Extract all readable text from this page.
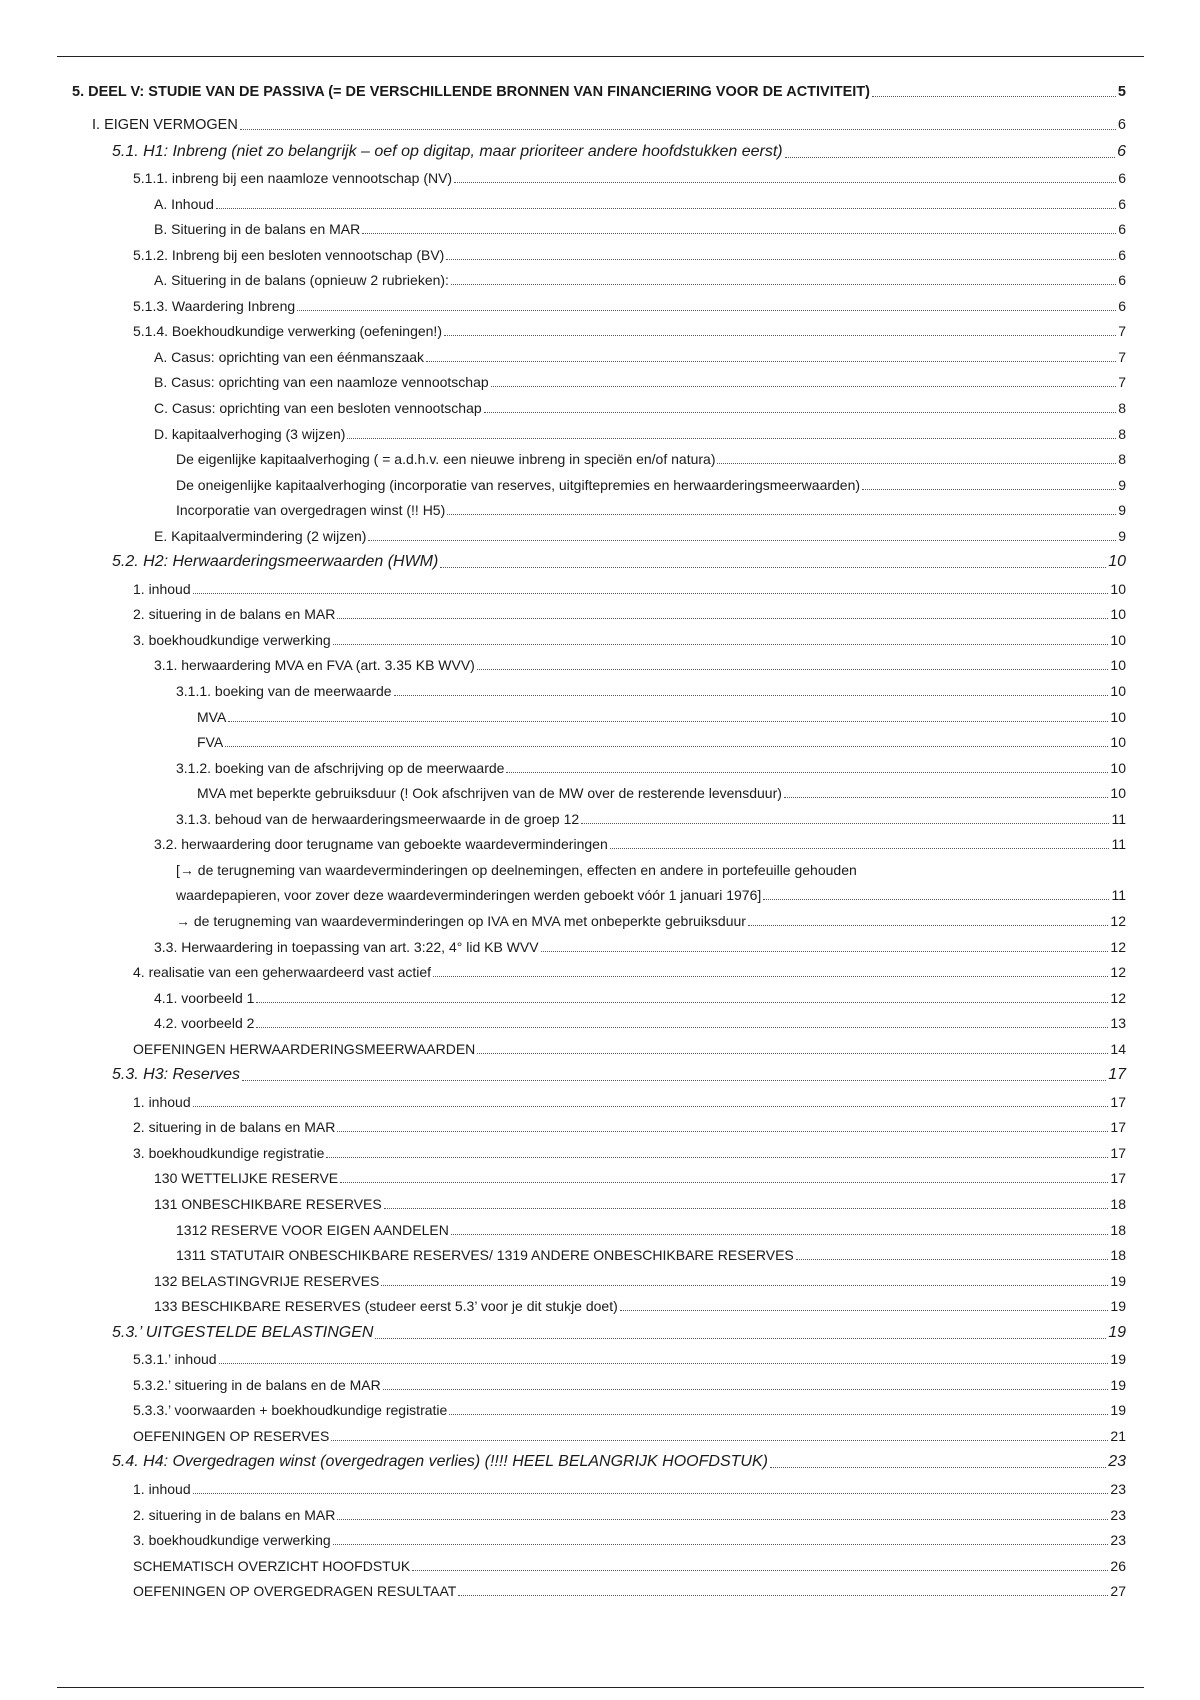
5. DEEL V: STUDIE VAN DE PASSIVA (= DE VERSCHILLENDE BRONNEN VAN FINANCIERING VOOR DE ACTIVITEIT)	5
I. EIGEN VERMOGEN	6
5.1. H1: Inbreng (niet zo belangrijk – oef op digitap, maar prioriteer andere hoofdstukken eerst)	6
5.1.1. inbreng bij een naamloze vennootschap (NV)	6
A. Inhoud	6
B. Situering in de balans en MAR	6
5.1.2. Inbreng bij een besloten vennootschap (BV)	6
A. Situering in de balans (opnieuw 2 rubrieken):	6
5.1.3. Waardering Inbreng	6
5.1.4. Boekhoudkundige verwerking (oefeningen!)	7
A. Casus: oprichting van een éénmanszaak	7
B. Casus: oprichting van een naamloze vennootschap	7
C. Casus: oprichting van een besloten vennootschap	8
D. kapitaalverhoging (3 wijzen)	8
De eigenlijke kapitaalverhoging ( = a.d.h.v. een nieuwe inbreng in speciën en/of natura)	8
De oneigenlijke kapitaalverhoging (incorporatie van reserves, uitgiftepremies en herwaarderingsmeerwaarden)	9
Incorporatie van overgedragen winst (!! H5)	9
E. Kapitaalvermindering (2 wijzen)	9
5.2. H2: Herwaarderingsmeerwaarden (HWM)	10
1. inhoud	10
2. situering in de balans en MAR	10
3. boekhoudkundige verwerking	10
3.1. herwaardering MVA en FVA (art. 3.35 KB WVV)	10
3.1.1. boeking van de meerwaarde	10
MVA	10
FVA	10
3.1.2. boeking van de afschrijving op de meerwaarde	10
MVA met beperkte gebruiksduur (! Ook afschrijven van de MW over de resterende levensduur)	10
3.1.3. behoud van de herwaarderingsmeerwaarde in de groep 12	11
3.2. herwaardering door terugname van geboekte waardeverminderingen	11
[→ de terugneming van waardeverminderingen op deelnemingen, effecten en andere in portefeuille gehouden
waardepapieren, voor zover deze waardeverminderingen werden geboekt vóór 1 januari 1976]	11
→ de terugneming van waardeverminderingen op IVA en MVA met onbeperkte gebruiksduur	12
3.3. Herwaardering in toepassing van art. 3:22, 4° lid KB WVV	12
4. realisatie van een geherwaardeerd vast actief	12
4.1. voorbeeld 1	12
4.2. voorbeeld 2	13
OEFENINGEN HERWAARDERINGSMEERWAARDEN	14
5.3. H3: Reserves	17
1. inhoud	17
2. situering in de balans en MAR	17
3. boekhoudkundige registratie	17
130 WETTELIJKE RESERVE	17
131 ONBESCHIKBARE RESERVES	18
1312 RESERVE VOOR EIGEN AANDELEN	18
1311 STATUTAIR ONBESCHIKBARE RESERVES/ 1319 ANDERE ONBESCHIKBARE RESERVES	18
132 BELASTINGVRIJE RESERVES	19
133 BESCHIKBARE RESERVES (studeer eerst 5.3’ voor je dit stukje doet)	19
5.3.’ UITGESTELDE BELASTINGEN	19
5.3.1.’ inhoud	19
5.3.2.’ situering in de balans en de MAR	19
5.3.3.’ voorwaarden + boekhoudkundige registratie	19
OEFENINGEN OP RESERVES	21
5.4. H4: Overgedragen winst (overgedragen verlies) (!!!! HEEL BELANGRIJK HOOFDSTUK)	23
1. inhoud	23
2. situering in de balans en MAR	23
3. boekhoudkundige verwerking	23
SCHEMATISCH OVERZICHT HOOFDSTUK	26
OEFENINGEN OP OVERGEDRAGEN RESULTAAT	27
